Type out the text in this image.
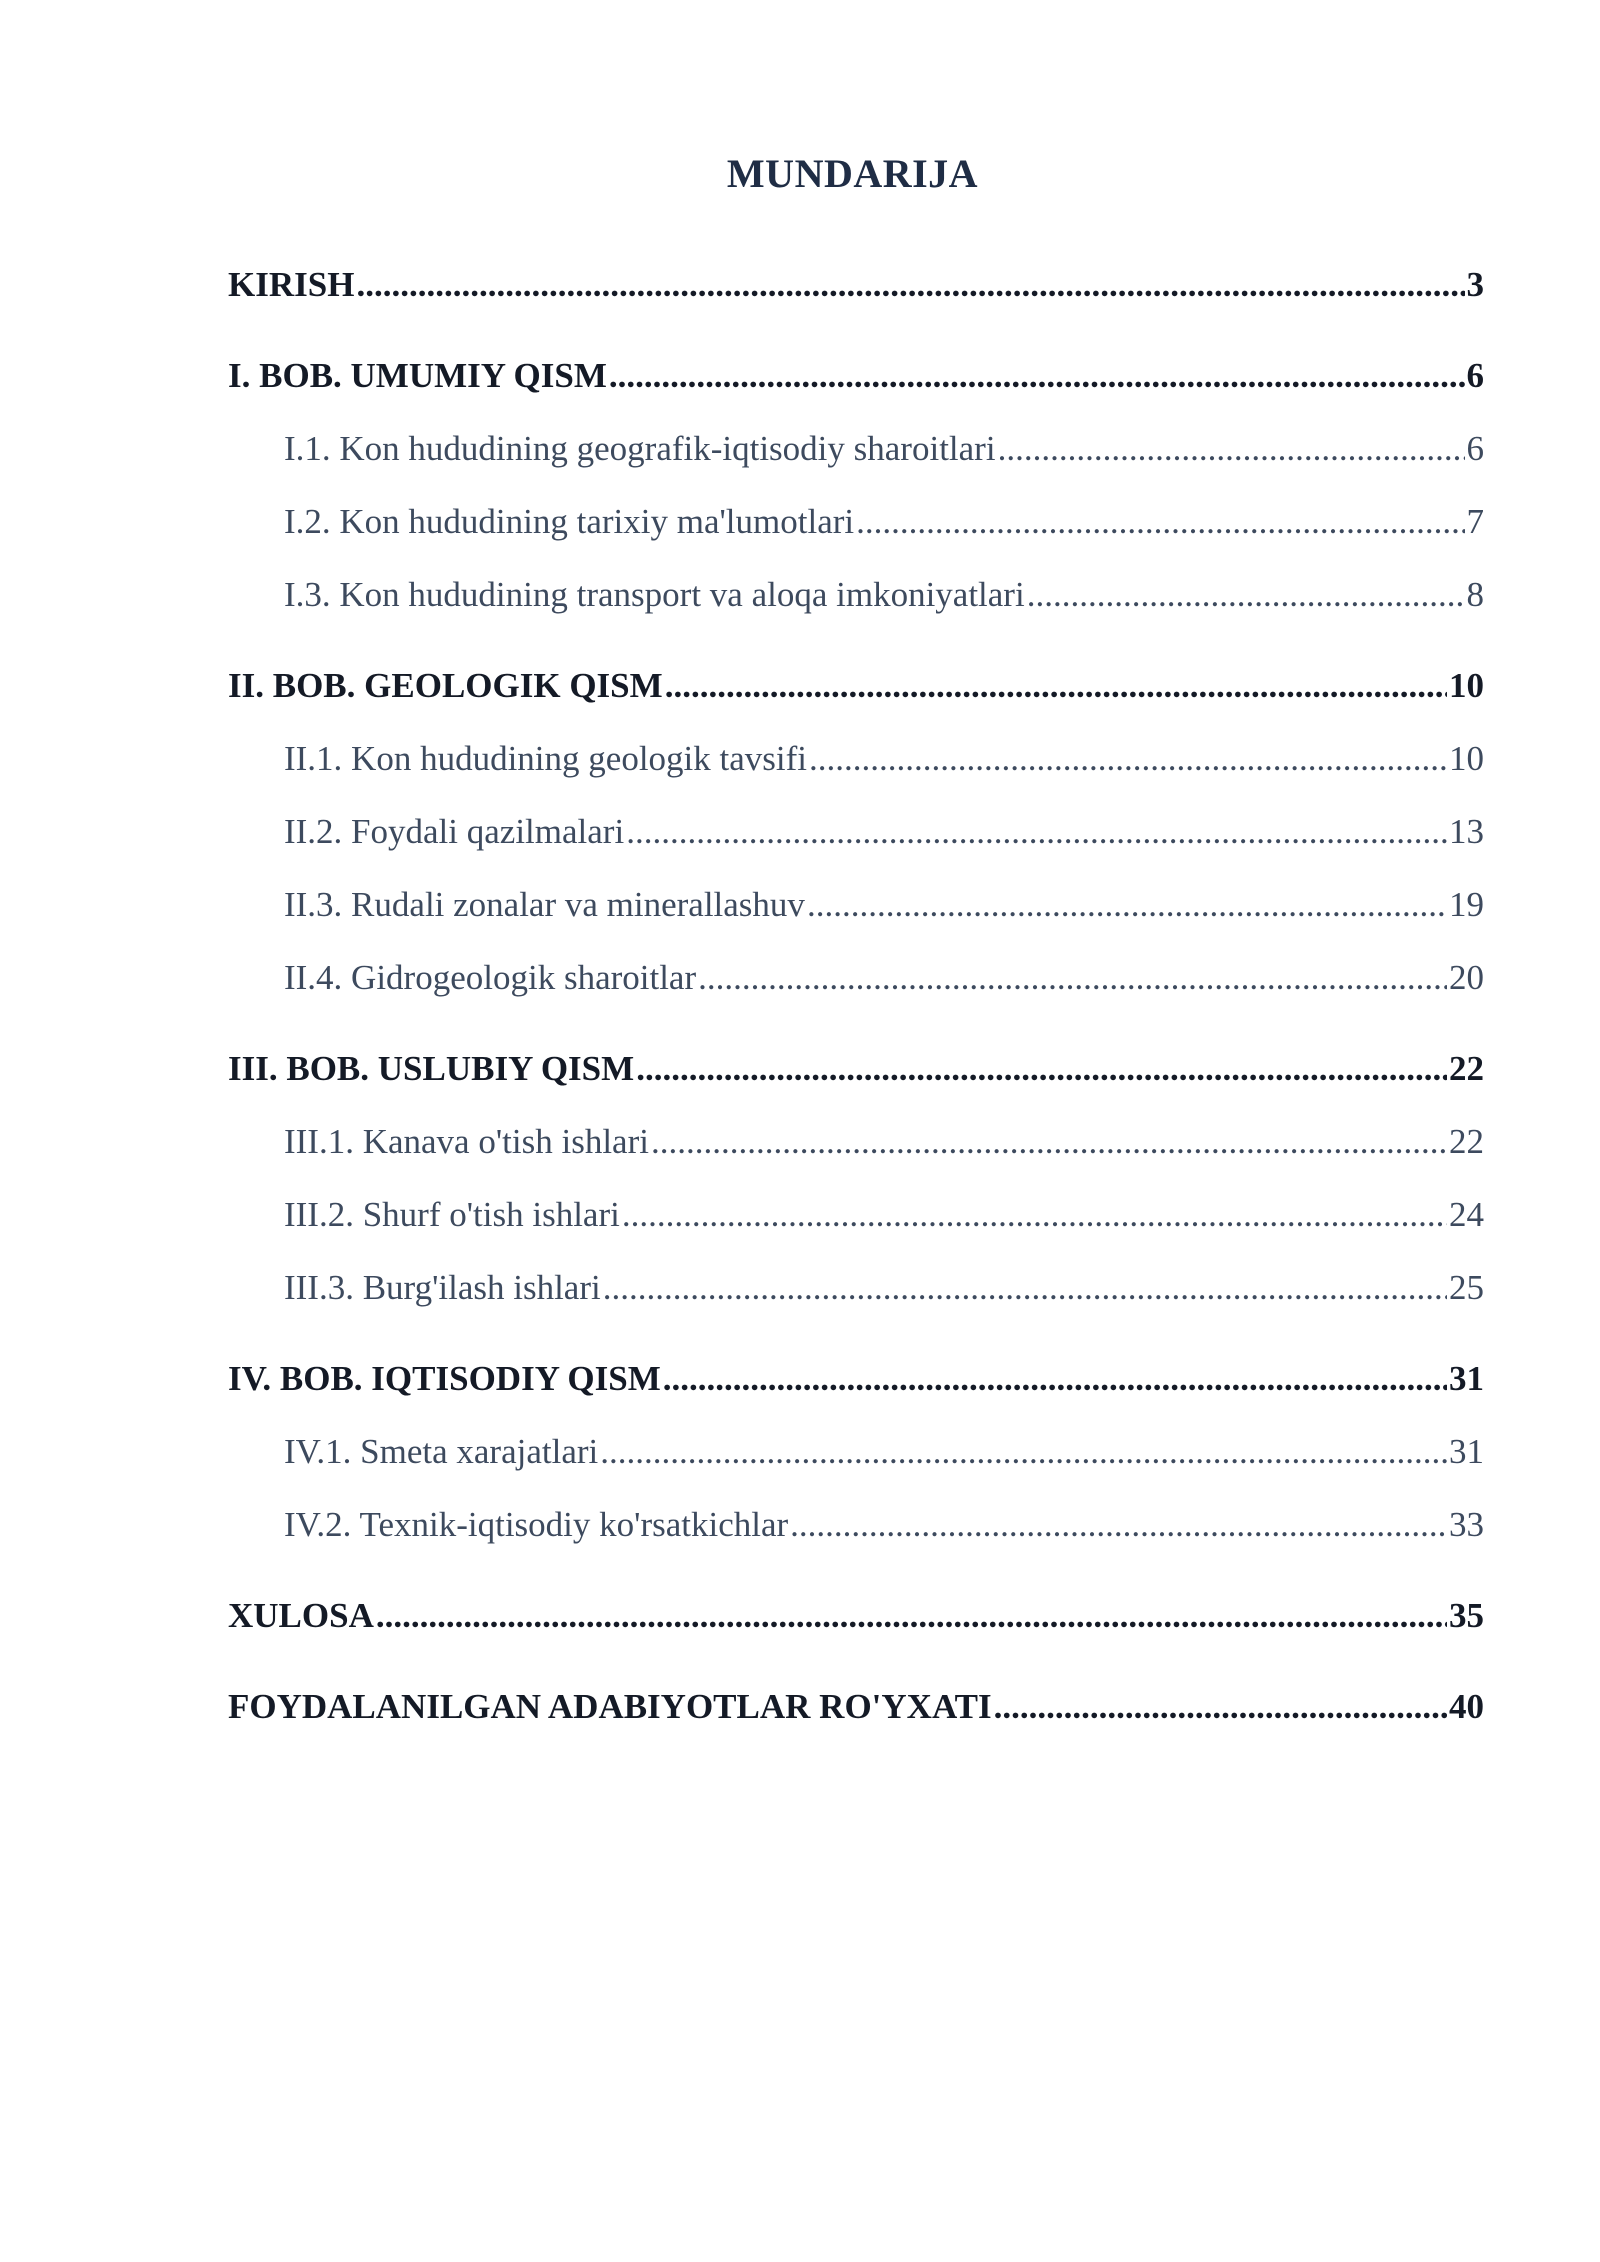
MUNDARIJA
KIRISH .....	3
I. BOB. UMUMIY QISM .....	6
I.1. Kon hududining geografik-iqtisodiy sharoitlari .....	6
I.2. Kon hududining tarixiy ma'lumotlari .....	7
I.3. Kon hududining transport va aloqa imkoniyatlari .....	8
II. BOB. GEOLOGIK QISM .....	10
II.1. Kon hududining geologik tavsifi .....	10
II.2. Foydali qazilmalari .....	13
II.3. Rudali zonalar va minerallashuv .....	19
II.4. Gidrogeologik sharoitlar .....	20
III. BOB. USLUBIY QISM .....	22
III.1. Kanava o'tish ishlari .....	22
III.2. Shurf o'tish ishlari .....	24
III.3. Burg'ilash ishlari .....	25
IV. BOB. IQTISODIY QISM .....	31
IV.1. Smeta xarajatlari .....	31
IV.2. Texnik-iqtisodiy ko'rsatkichlar .....	33
XULOSA .....	35
FOYDALANILGAN ADABIYOTLAR RO'YXATI .....	40
